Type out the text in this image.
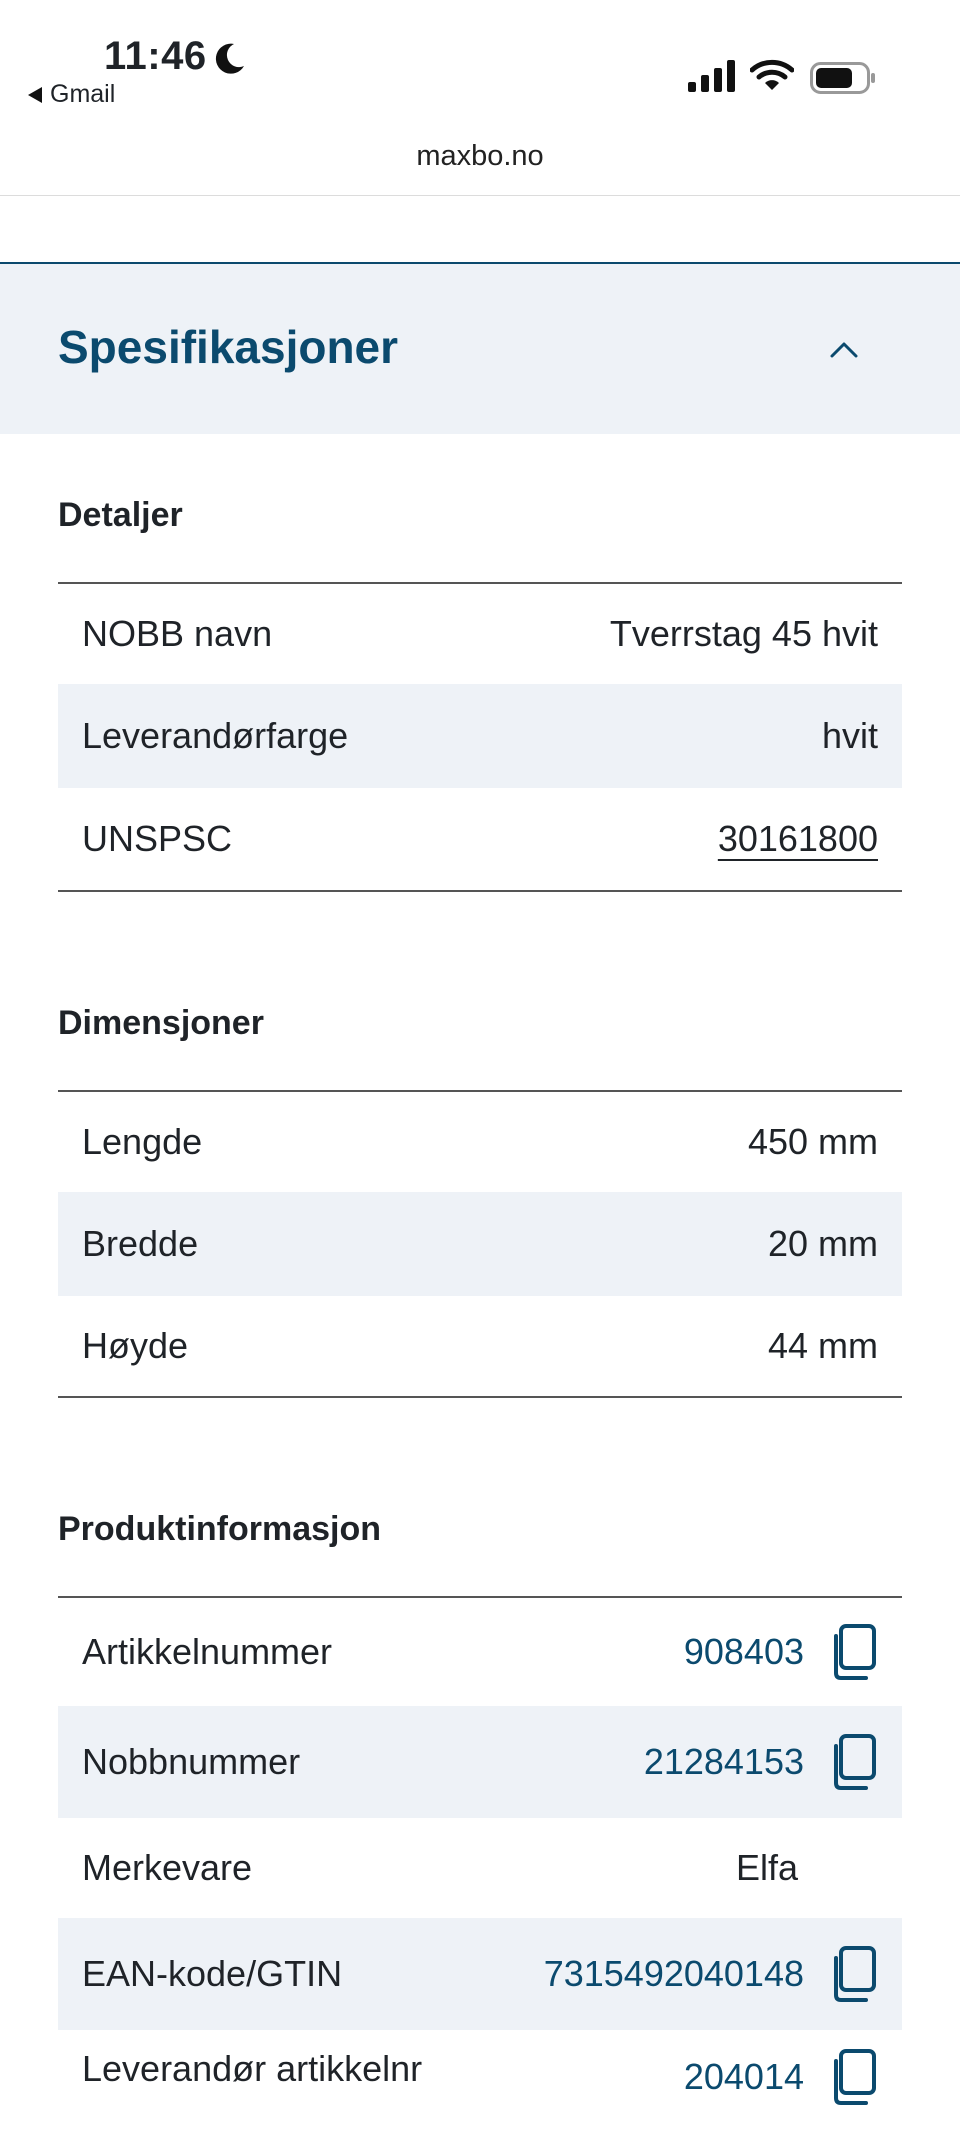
11:46
Gmail
maxbo.no
Spesifikasjoner
Detaljer
NOBB navn	Tverrstag 45 hvit
Leverandørfarge	hvit
UNSPSC	30161800
Dimensjoner
Lengde	450 mm
Bredde	20 mm
Høyde	44 mm
Produktinformasjon
Artikkelnummer	908403
Nobbnummer	21284153
Merkevare	Elfa
EAN-kode/GTIN	7315492040148
Leverandør artikkelnr	204014
